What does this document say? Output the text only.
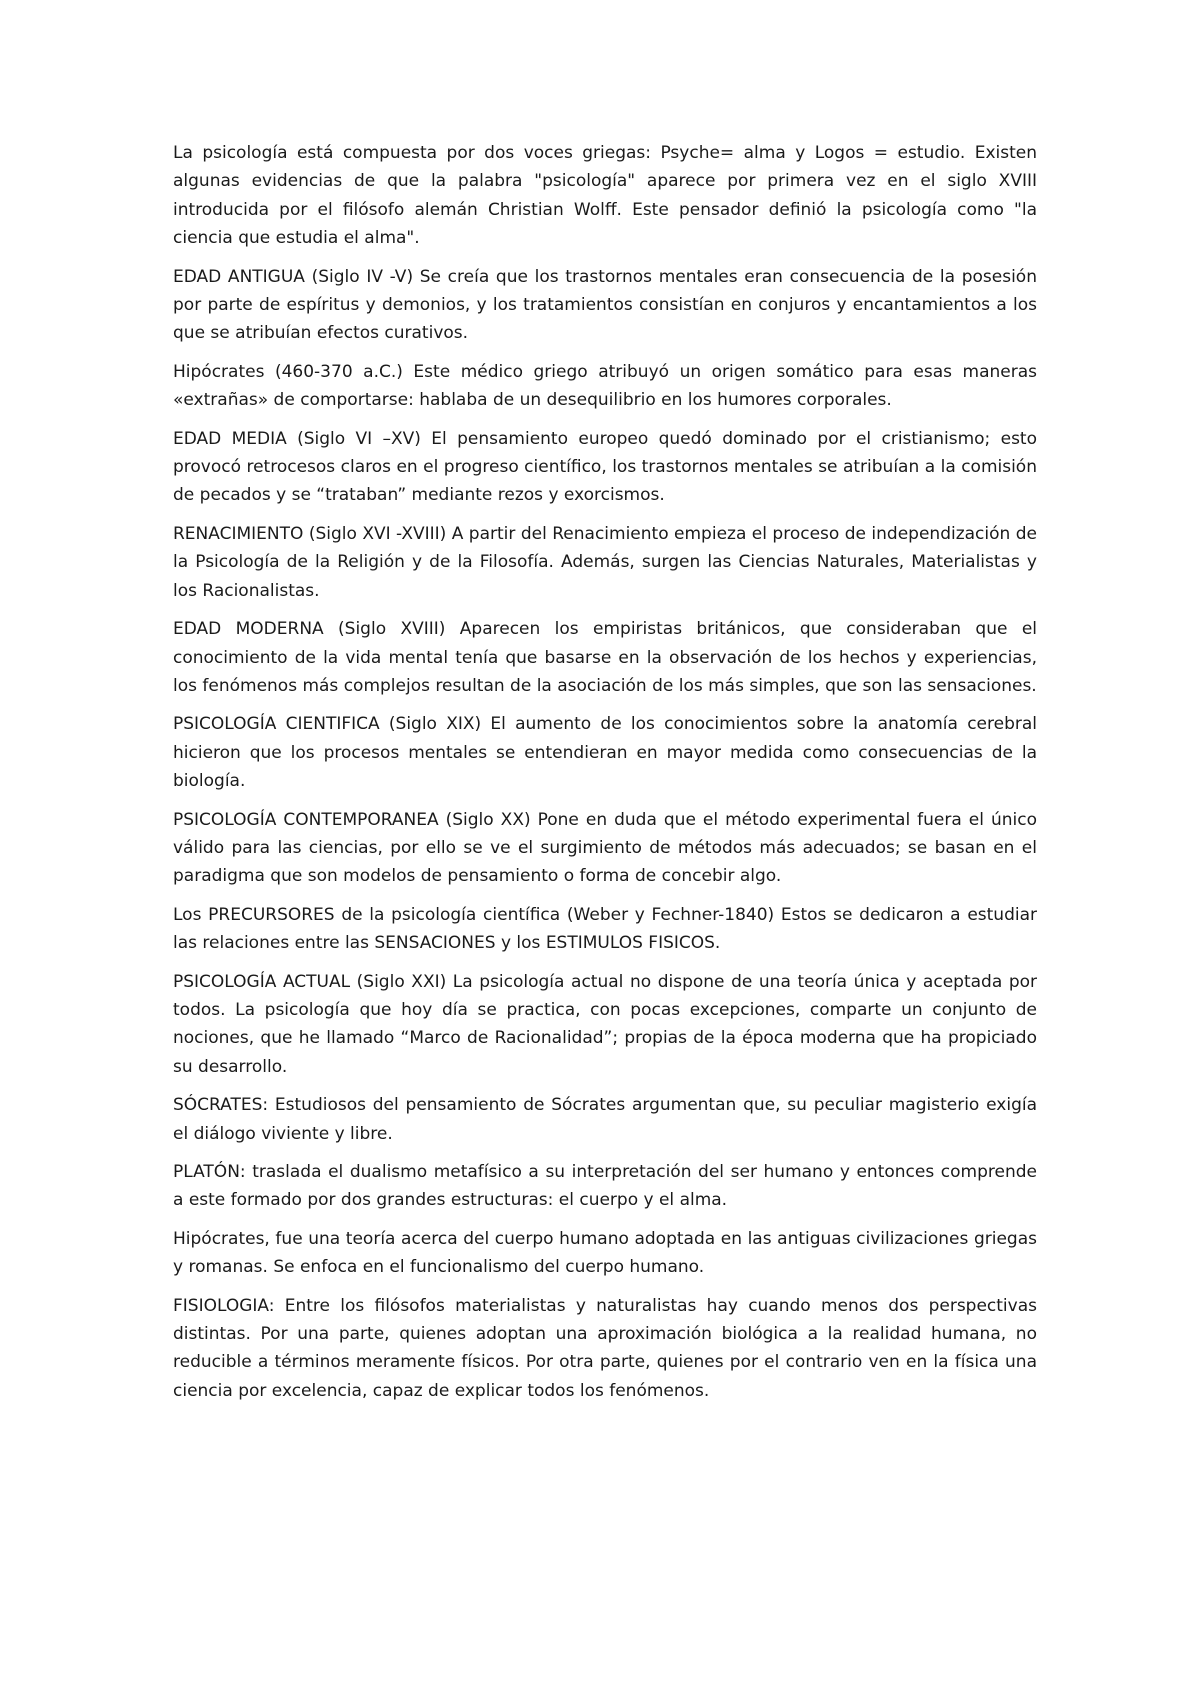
La psicología está compuesta por dos voces griegas: Psyche= alma y Logos = estudio. Existen algunas evidencias de que la palabra "psicología" aparece por primera vez en el siglo XVIII introducida por el filósofo alemán Christian Wolff. Este pensador definió la psicología como "la ciencia que estudia el alma".

EDAD ANTIGUA (Siglo IV -V) Se creía que los trastornos mentales eran consecuencia de la posesión por parte de espíritus y demonios, y los tratamientos consistían en conjuros y encantamientos a los que se atribuían efectos curativos.

Hipócrates (460-370 a.C.) Este médico griego atribuyó un origen somático para esas maneras «extrañas» de comportarse: hablaba de un desequilibrio en los humores corporales.

EDAD MEDIA (Siglo VI –XV) El pensamiento europeo quedó dominado por el cristianismo; esto provocó retrocesos claros en el progreso científico, los trastornos mentales se atribuían a la comisión de pecados y se “trataban” mediante rezos y exorcismos.

RENACIMIENTO (Siglo XVI -XVIII) A partir del Renacimiento empieza el proceso de independización de la Psicología de la Religión y de la Filosofía. Además, surgen las Ciencias Naturales, Materialistas y los Racionalistas.

EDAD MODERNA (Siglo XVIII) Aparecen los empiristas británicos, que consideraban que el conocimiento de la vida mental tenía que basarse en la observación de los hechos y experiencias, los fenómenos más complejos resultan de la asociación de los más simples, que son las sensaciones.

PSICOLOGÍA CIENTIFICA (Siglo XIX) El aumento de los conocimientos sobre la anatomía cerebral hicieron que los procesos mentales se entendieran en mayor medida como consecuencias de la biología.

PSICOLOGÍA CONTEMPORANEA (Siglo XX) Pone en duda que el método experimental fuera el único válido para las ciencias, por ello se ve el surgimiento de métodos más adecuados; se basan en el paradigma que son modelos de pensamiento o forma de concebir algo.

Los PRECURSORES de la psicología científica (Weber y Fechner-1840) Estos se dedicaron a estudiar las relaciones entre las SENSACIONES y los ESTIMULOS FISICOS.

PSICOLOGÍA ACTUAL (Siglo XXI) La psicología actual no dispone de una teoría única y aceptada por todos. La psicología que hoy día se practica, con pocas excepciones, comparte un conjunto de nociones, que he llamado “Marco de Racionalidad”; propias de la época moderna que ha propiciado su desarrollo.

SÓCRATES: Estudiosos del pensamiento de Sócrates argumentan que, su peculiar magisterio exigía el diálogo viviente y libre.

PLATÓN: traslada el dualismo metafísico a su interpretación del ser humano y entonces comprende a este formado por dos grandes estructuras: el cuerpo y el alma.

Hipócrates, fue una teoría acerca del cuerpo humano adoptada en las antiguas civilizaciones griegas y romanas. Se enfoca en el funcionalismo del cuerpo humano.

FISIOLOGIA: Entre los filósofos materialistas y naturalistas hay cuando menos dos perspectivas distintas. Por una parte, quienes adoptan una aproximación biológica a la realidad humana, no reducible a términos meramente físicos. Por otra parte, quienes por el contrario ven en la física una ciencia por excelencia, capaz de explicar todos los fenómenos.
